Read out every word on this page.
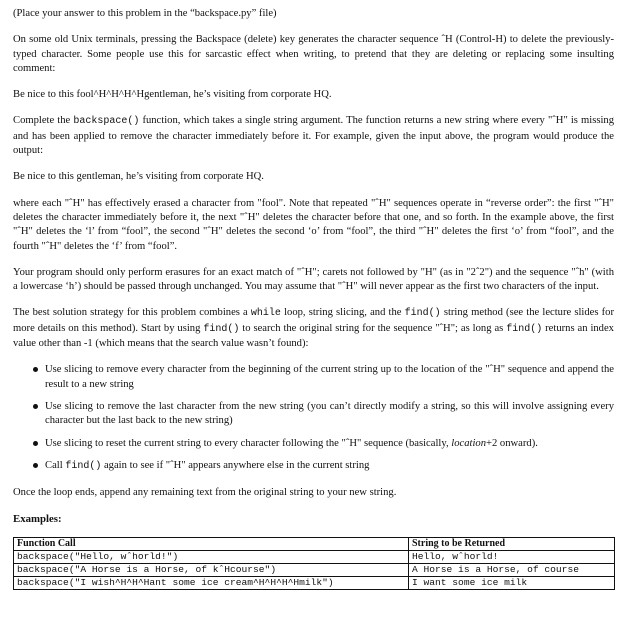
(Place your answer to this problem in the “backspace.py” file)

On some old Unix terminals, pressing the Backspace (delete) key generates the character sequence ˆH (Control-H) to delete the previously-typed character. Some people use this for sarcastic effect when writing, to pretend that they are deleting or replacing some insulting comment:

Be nice to this fool^H^H^H^Hgentleman, he’s visiting from corporate HQ.

Complete the backspace() function, which takes a single string argument. The function returns a new string where every "ˆH" is missing and has been applied to remove the character immediately before it. For example, given the input above, the program would produce the output:

Be nice to this gentleman, he’s visiting from corporate HQ.

where each "ˆH" has effectively erased a character from "fool". Note that repeated "ˆH" sequences operate in “reverse order”: the first "ˆH" deletes the character immediately before it, the next "ˆH" deletes the character before that one, and so forth. In the example above, the first "ˆH" deletes the ‘l’ from “fool”, the second "ˆH" deletes the second ‘o’ from “fool”, the third "ˆH" deletes the first ‘o’ from “fool”, and the fourth "ˆH" deletes the ‘f’ from “fool”.

Your program should only perform erasures for an exact match of "ˆH"; carets not followed by "H" (as in "2ˆ2") and the sequence "ˆh" (with a lowercase ‘h’) should be passed through unchanged. You may assume that "ˆH" will never appear as the first two characters of the input.

The best solution strategy for this problem combines a while loop, string slicing, and the find() string method (see the lecture slides for more details on this method). Start by using find() to search the original string for the sequence "ˆH"; as long as find() returns an index value other than -1 (which means that the search value wasn’t found):

Use slicing to remove every character from the beginning of the current string up to the location of the "ˆH" sequence and append the result to a new string
Use slicing to remove the last character from the new string (you can’t directly modify a string, so this will involve assigning every character but the last back to the new string)
Use slicing to reset the current string to every character following the "ˆH" sequence (basically, location+2 onward).
Call find() again to see if "ˆH" appears anywhere else in the current string

Once the loop ends, append any remaining text from the original string to your new string.

Examples:
Function Call	String to be Returned
backspace("Hello, wˆhorld!")	Hello, wˆhorld!
backspace("A Horse is a Horse, of kˆHcourse")	A Horse is a Horse, of course
backspace("I wish^H^H^Hant some ice cream^H^H^H^Hmilk")	I want some ice milk
